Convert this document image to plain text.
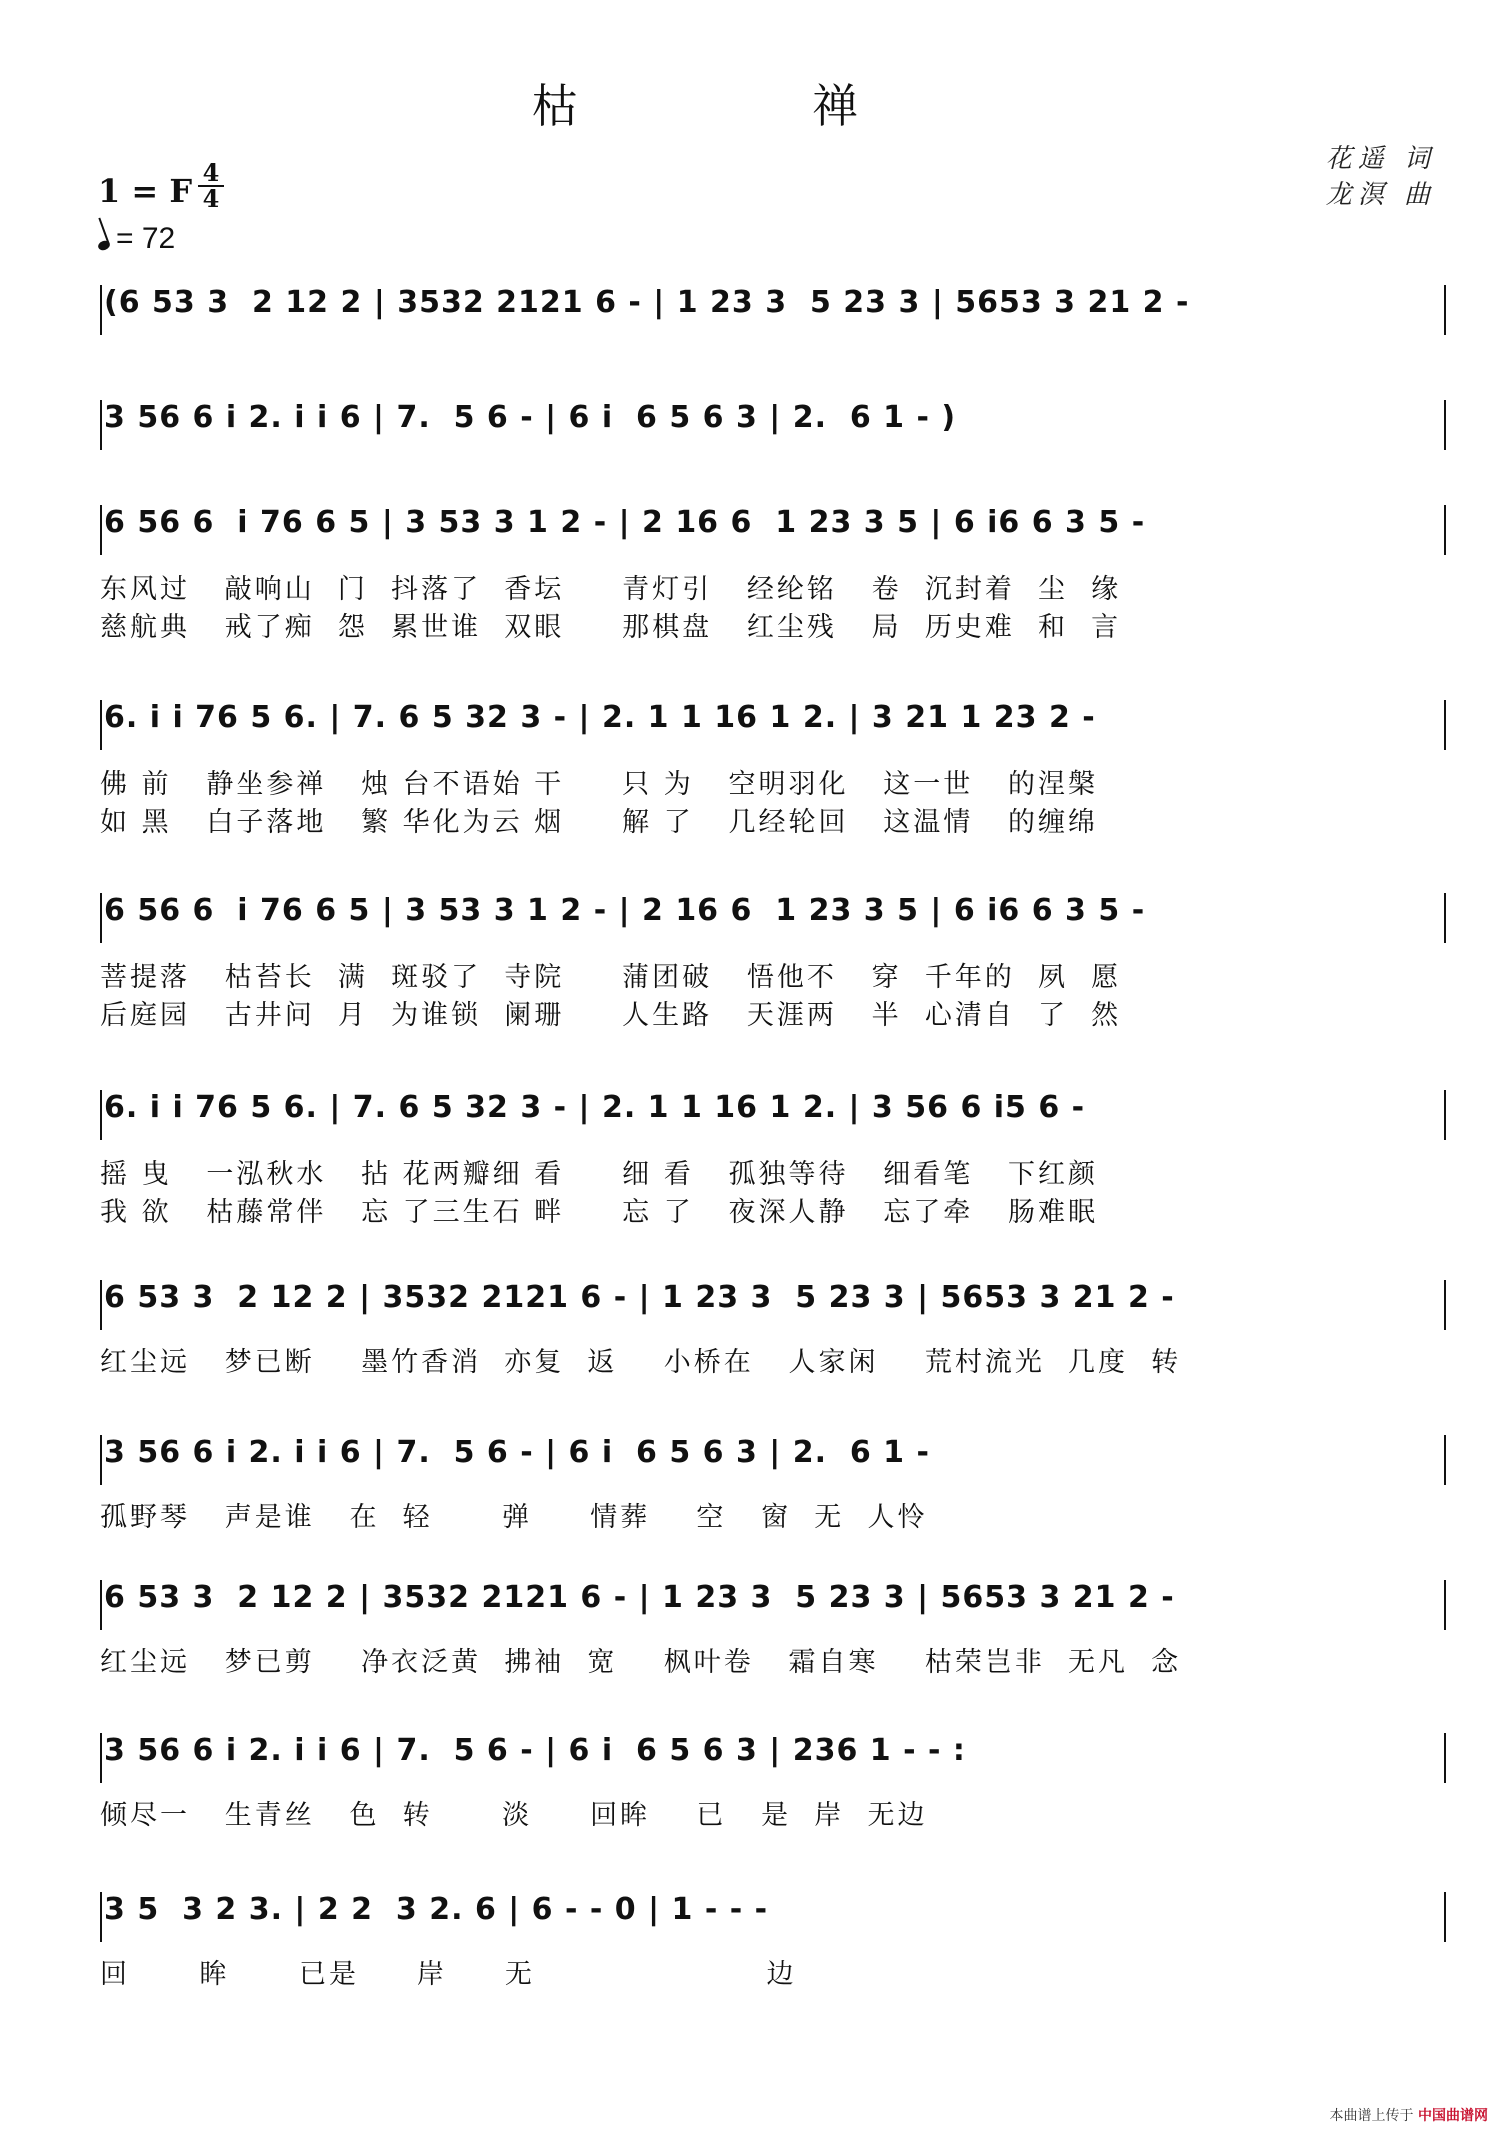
枯 禅
花遥 词
龙溟 曲
1 = F 4
4
= 72
(6 53 3  2 12 2 | 3532 2121 6 - | 1 23 3  5 23 3 | 5653 3 21 2 -
3 56 6 i 2. i i 6 | 7.  5 6 - | 6 i  6 5 6 3 | 2.  6 1 - )
6 56 6  i 76 6 5 | 3 53 3 1 2 - | 2 16 6  1 23 3 5 | 6 i6 6 3 5 -
东风过   敲响山  门  抖落了  香坛     青灯引   经纶铭   卷  沉封着  尘  缘
慈航典   戒了痴  怨  累世谁  双眼     那棋盘   红尘残   局  历史难  和  言
6. i i 76 5 6. | 7. 6 5 32 3 - | 2. 1 1 16 1 2. | 3 21 1 23 2 -
佛 前   静坐参禅   烛 台不语始 干     只 为   空明羽化   这一世   的涅槃
如 黑   白子落地   繁 华化为云 烟     解 了   几经轮回   这温情   的缠绵
6 56 6  i 76 6 5 | 3 53 3 1 2 - | 2 16 6  1 23 3 5 | 6 i6 6 3 5 -
菩提落   枯苔长  满  斑驳了  寺院     蒲团破   悟他不   穿  千年的  夙  愿
后庭园   古井问  月  为谁锁  阑珊     人生路   天涯两   半  心清自  了  然
6. i i 76 5 6. | 7. 6 5 32 3 - | 2. 1 1 16 1 2. | 3 56 6 i5 6 -
摇 曳   一泓秋水   拈 花两瓣细 看     细 看   孤独等待   细看笔   下红颜
我 欲   枯藤常伴   忘 了三生石 畔     忘 了   夜深人静   忘了牵   肠难眠
6 53 3  2 12 2 | 3532 2121 6 - | 1 23 3  5 23 3 | 5653 3 21 2 -
红尘远   梦已断    墨竹香消  亦复  返    小桥在   人家闲    荒村流光  几度  转
3 56 6 i 2. i i 6 | 7.  5 6 - | 6 i  6 5 6 3 | 2.  6 1 -
孤野琴   声是谁   在  轻      弹     情葬    空   窗  无  人怜
6 53 3  2 12 2 | 3532 2121 6 - | 1 23 3  5 23 3 | 5653 3 21 2 -
红尘远   梦已剪    净衣泛黄  拂袖  宽    枫叶卷   霜自寒    枯荣岂非  无凡  念
3 56 6 i 2. i i 6 | 7.  5 6 - | 6 i  6 5 6 3 | 236 1 - - :
倾尽一   生青丝   色  转      淡     回眸    已   是  岸  无边
3 5  3 2 3. | 2 2  3 2. 6 | 6 - - 0 | 1 - - -
回      眸      已是     岸     无                    边
本曲谱上传于 中国曲谱网
